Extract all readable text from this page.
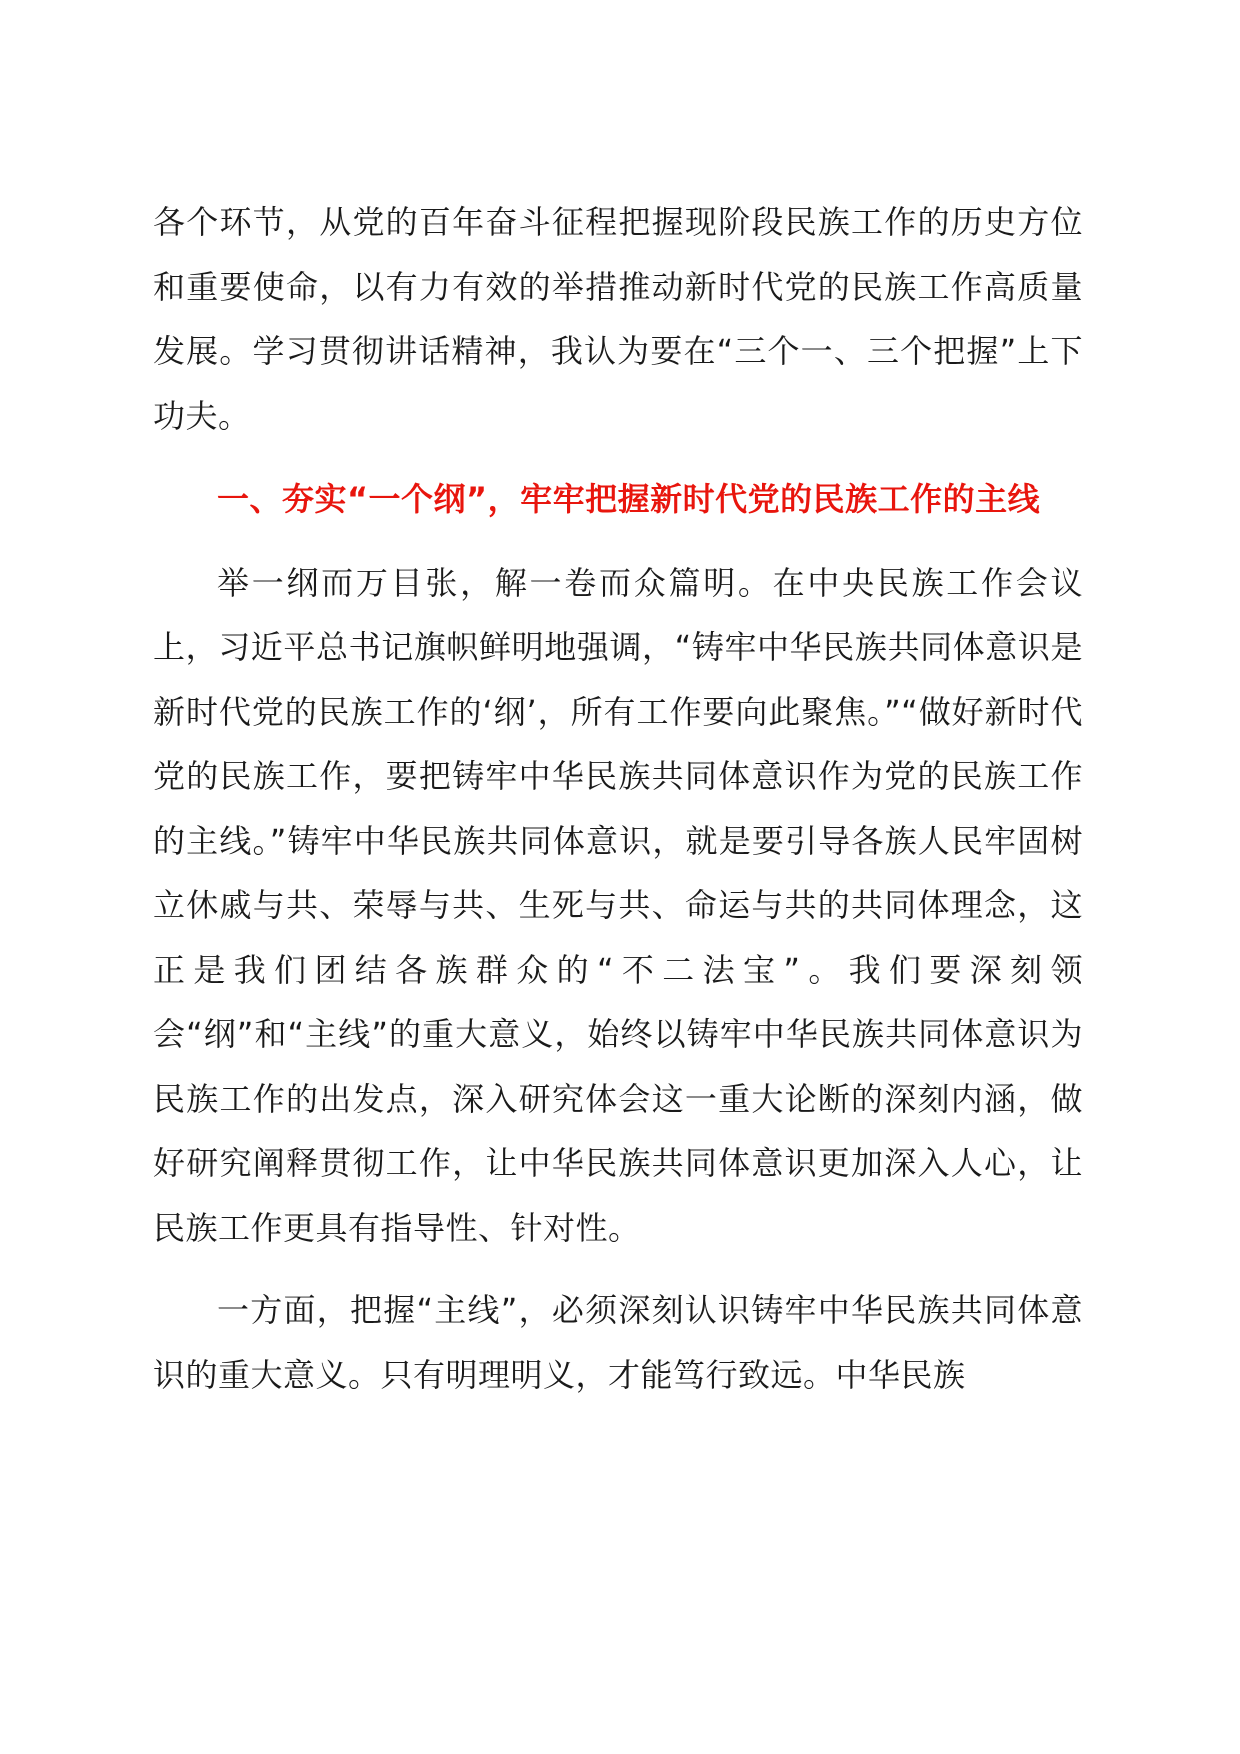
各个环节，从党的百年奋斗征程把握现阶段民族工作的历史方位和重要使命，以有力有效的举措推动新时代党的民族工作高质量发展。学习贯彻讲话精神，我认为要在“三个一、三个把握”上下功夫。

一、夯实“一个纲”，牢牢把握新时代党的民族工作的主线

举一纲而万目张，解一卷而众篇明。在中央民族工作会议上，习近平总书记旗帜鲜明地强调，“铸牢中华民族共同体意识是新时代党的民族工作的‘纲’，所有工作要向此聚焦。”“做好新时代党的民族工作，要把铸牢中华民族共同体意识作为党的民族工作的主线。”铸牢中华民族共同体意识，就是要引导各族人民牢固树立休戚与共、荣辱与共、生死与共、命运与共的共同体理念，这正是我们团结各族群众的“不二法宝”。我们要深刻领会“纲”和“主线”的重大意义，始终以铸牢中华民族共同体意识为民族工作的出发点，深入研究体会这一重大论断的深刻内涵，做好研究阐释贯彻工作，让中华民族共同体意识更加深入人心，让民族工作更具有指导性、针对性。

一方面，把握“主线”，必须深刻认识铸牢中华民族共同体意识的重大意义。只有明理明义，才能笃行致远。中华民族
